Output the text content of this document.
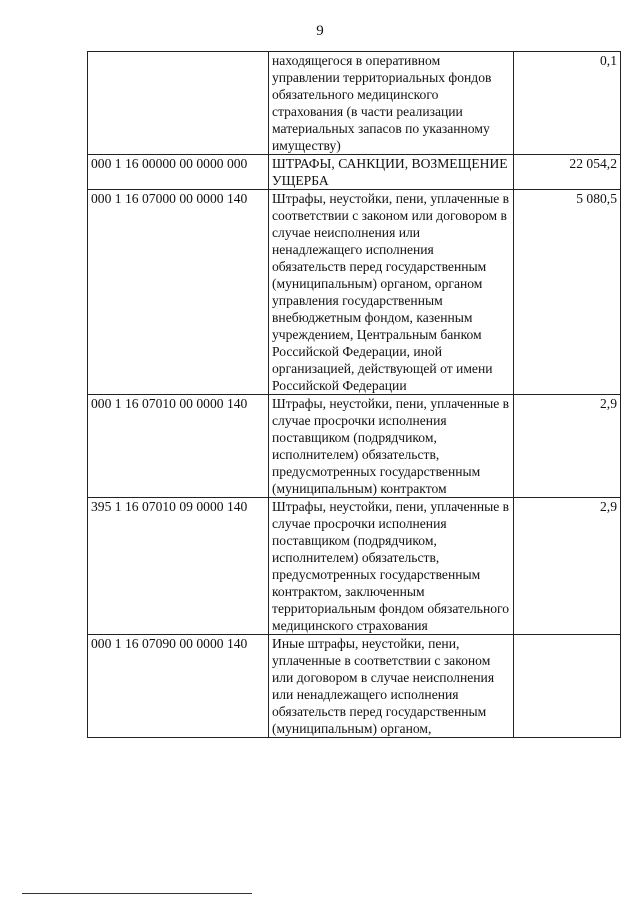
9
	находящегося в оперативном управлении территориальных фондов обязательного медицинского страхования (в части реализации материальных запасов по указанному имуществу)	0,1
000 1 16 00000 00 0000 000	ШТРАФЫ, САНКЦИИ, ВОЗМЕЩЕНИЕ УЩЕРБА	22 054,2
000 1 16 07000 00 0000 140	Штрафы, неустойки, пени, уплаченные в соответствии с законом или договором в случае неисполнения или ненадлежащего исполнения обязательств перед государственным (муниципальным) органом, органом управления государственным внебюджетным фондом, казенным учреждением, Центральным банком Российской Федерации, иной организацией, действующей от имени Российской Федерации	5 080,5
000 1 16 07010 00 0000 140	Штрафы, неустойки, пени, уплаченные в случае просрочки исполнения поставщиком (подрядчиком, исполнителем) обязательств, предусмотренных государственным (муниципальным) контрактом	2,9
395 1 16 07010 09 0000 140	Штрафы, неустойки, пени, уплаченные в случае просрочки исполнения поставщиком (подрядчиком, исполнителем) обязательств, предусмотренных государственным контрактом, заключенным территориальным фондом обязательного медицинского страхования	2,9
000 1 16 07090 00 0000 140	Иные штрафы, неустойки, пени, уплаченные в соответствии с законом или договором в случае неисполнения или ненадлежащего исполнения обязательств перед государственным (муниципальным) органом,	
